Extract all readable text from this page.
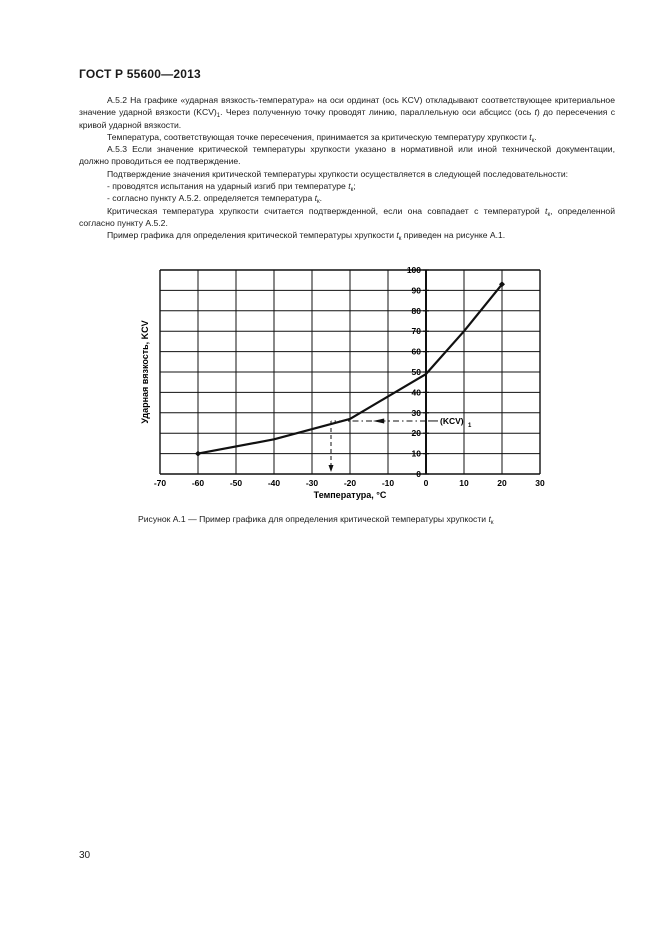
ГОСТ Р 55600—2013

А.5.2 На графике «ударная вязкость-температура» на оси ординат (ось KCV) откладывают соответствующее критериальное значение ударной вязкости $(KCV)_1$. Через полученную точку проводят линию, параллельную оси абсцисс (ось t) до пересечения с кривой ударной вязкости.

Температура, соответствующая точке пересечения, принимается за критическую температуру хрупкости $t_к$.

А.5.3 Если значение критической температуры хрупкости указано в нормативной или иной технической документации, должно проводиться ее подтверждение.

Подтверждение значения критической температуры хрупкости осуществляется в следующей последовательности:

- проводятся испытания на ударный изгиб при температуре $t_к$;

- согласно пункту А.5.2. определяется температура $t_к$.

Критическая температура хрупкости считается подтвержденной, если она совпадает с температурой $t_к$, определенной согласно пункту А.5.2.

Пример графика для определения критической температуры хрупкости $t_к$ приведен на рисунке А.1.

-70	-60	-50	-40	-30	-20	-10	0	10	20	30
0
10
20
30
40
50
60
70
80
90
100
(KCV) 1
Ударная вязкость, KCV
Температура, °С
Рисунок А.1 — Пример графика для определения критической температуры хрупкости $t_к$
30
